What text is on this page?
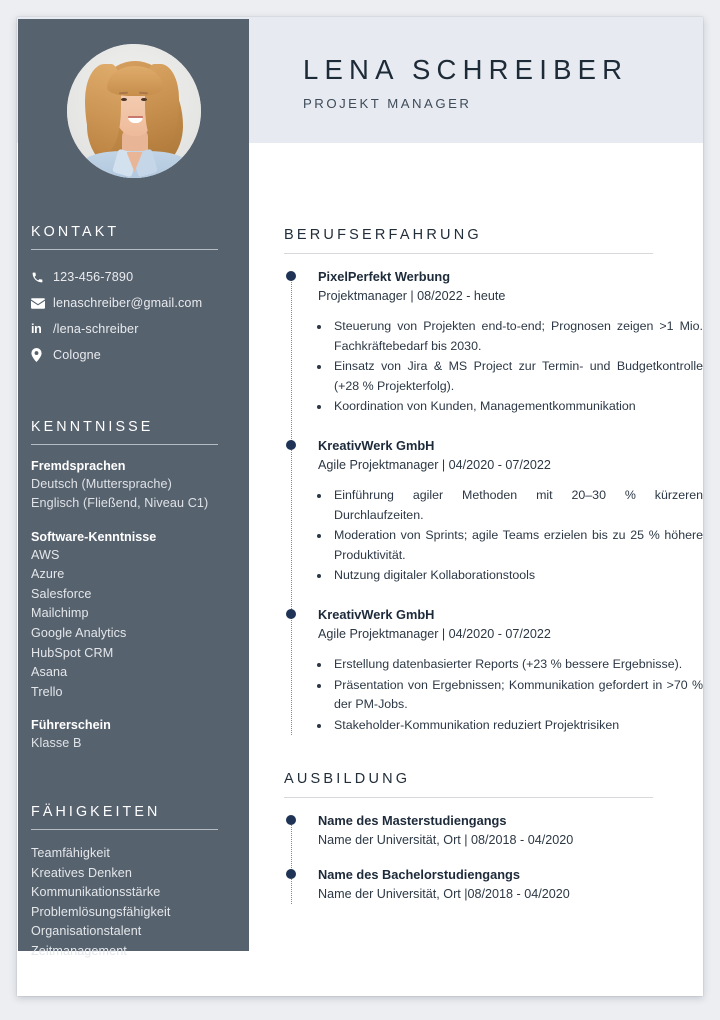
LENA SCHREIBER
PROJEKT MANAGER
BERUFSERFAHRUNG
PixelPerfekt Werbung
Projektmanager | 08/2022 - heute
• Steuerung von Projekten end-to-end; Prognosen zeigen >1 Mio. Fachkräftebedarf bis 2030.
• Einsatz von Jira & MS Project zur Termin- und Budgetkontrolle (+28 % Projekterfolg).
• Koordination von Kunden, Managementkommunikation
KreativWerk GmbH
Agile Projektmanager | 04/2020 - 07/2022
• Einführung agiler Methoden mit 20–30 % kürzeren Durchlaufzeiten.
• Moderation von Sprints; agile Teams erzielen bis zu 25 % höhere Produktivität.
• Nutzung digitaler Kollaborationstools
KreativWerk GmbH
Agile Projektmanager | 04/2020 - 07/2022
• Erstellung datenbasierter Reports (+23 % bessere Ergebnisse).
• Präsentation von Ergebnissen; Kommunikation gefordert in >70 % der PM-Jobs.
• Stakeholder-Kommunikation reduziert Projektrisiken
AUSBILDUNG
Name des Masterstudiengangs
Name der Universität, Ort | 08/2018 - 04/2020
Name des Bachelorstudiengangs
Name der Universität, Ort |08/2018 - 04/2020
KONTAKT
123-456-7890
lenaschreiber@gmail.com
in /lena-schreiber
Cologne
KENNTNISSE
Fremdsprachen
Deutsch (Muttersprache)
Englisch (Fließend, Niveau C1)
Software-Kenntnisse
AWS
Azure
Salesforce
Mailchimp
Google Analytics
HubSpot CRM
Asana
Trello
Führerschein
Klasse B
FÄHIGKEITEN
Teamfähigkeit
Kreatives Denken
Kommunikationsstärke
Problemlösungsfähigkeit
Organisationstalent
Zeitmanagement
